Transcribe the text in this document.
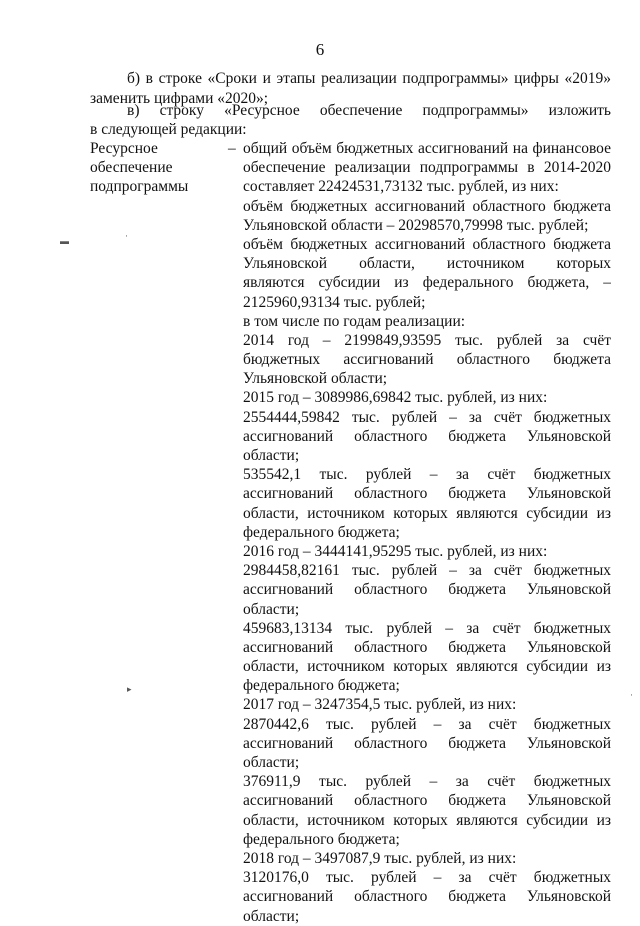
6
б) в строке «Сроки и этапы реализации подпрограммы» цифры «2019»
заменить цифрами «2020»;
в) строку «Ресурсное обеспечение подпрограммы» изложить
в следующей редакции:
Ресурсное
обеспечение
подпрограммы
– общий объём бюджетных ассигнований на финансовое
обеспечение реализации подпрограммы в 2014-2020
составляет 22424531,73132 тыс. рублей, из них:
объём бюджетных ассигнований областного бюджета
Ульяновской области – 20298570,79998 тыс. рублей;
объём бюджетных ассигнований областного бюджета
Ульяновской области, источником которых
являются субсидии из федерального бюджета, –
2125960,93134 тыс. рублей;
в том числе по годам реализации:
2014 год – 2199849,93595 тыс. рублей за счёт
бюджетных ассигнований областного бюджета
Ульяновской области;
2015 год – 3089986,69842 тыс. рублей, из них:
2554444,59842 тыс. рублей – за счёт бюджетных
ассигнований областного бюджета Ульяновской
области;
535542,1 тыс. рублей – за счёт бюджетных
ассигнований областного бюджета Ульяновской
области, источником которых являются субсидии из
федерального бюджета;
2016 год – 3444141,95295 тыс. рублей, из них:
2984458,82161 тыс. рублей – за счёт бюджетных
ассигнований областного бюджета Ульяновской
области;
459683,13134 тыс. рублей – за счёт бюджетных
ассигнований областного бюджета Ульяновской
области, источником которых являются субсидии из
федерального бюджета;
2017 год – 3247354,5 тыс. рублей, из них:
2870442,6 тыс. рублей – за счёт бюджетных
ассигнований областного бюджета Ульяновской
области;
376911,9 тыс. рублей – за счёт бюджетных
ассигнований областного бюджета Ульяновской
области, источником которых являются субсидии из
федерального бюджета;
2018 год – 3497087,9 тыс. рублей, из них:
3120176,0 тыс. рублей – за счёт бюджетных
ассигнований областного бюджета Ульяновской
области;
▬	·
▸
·
